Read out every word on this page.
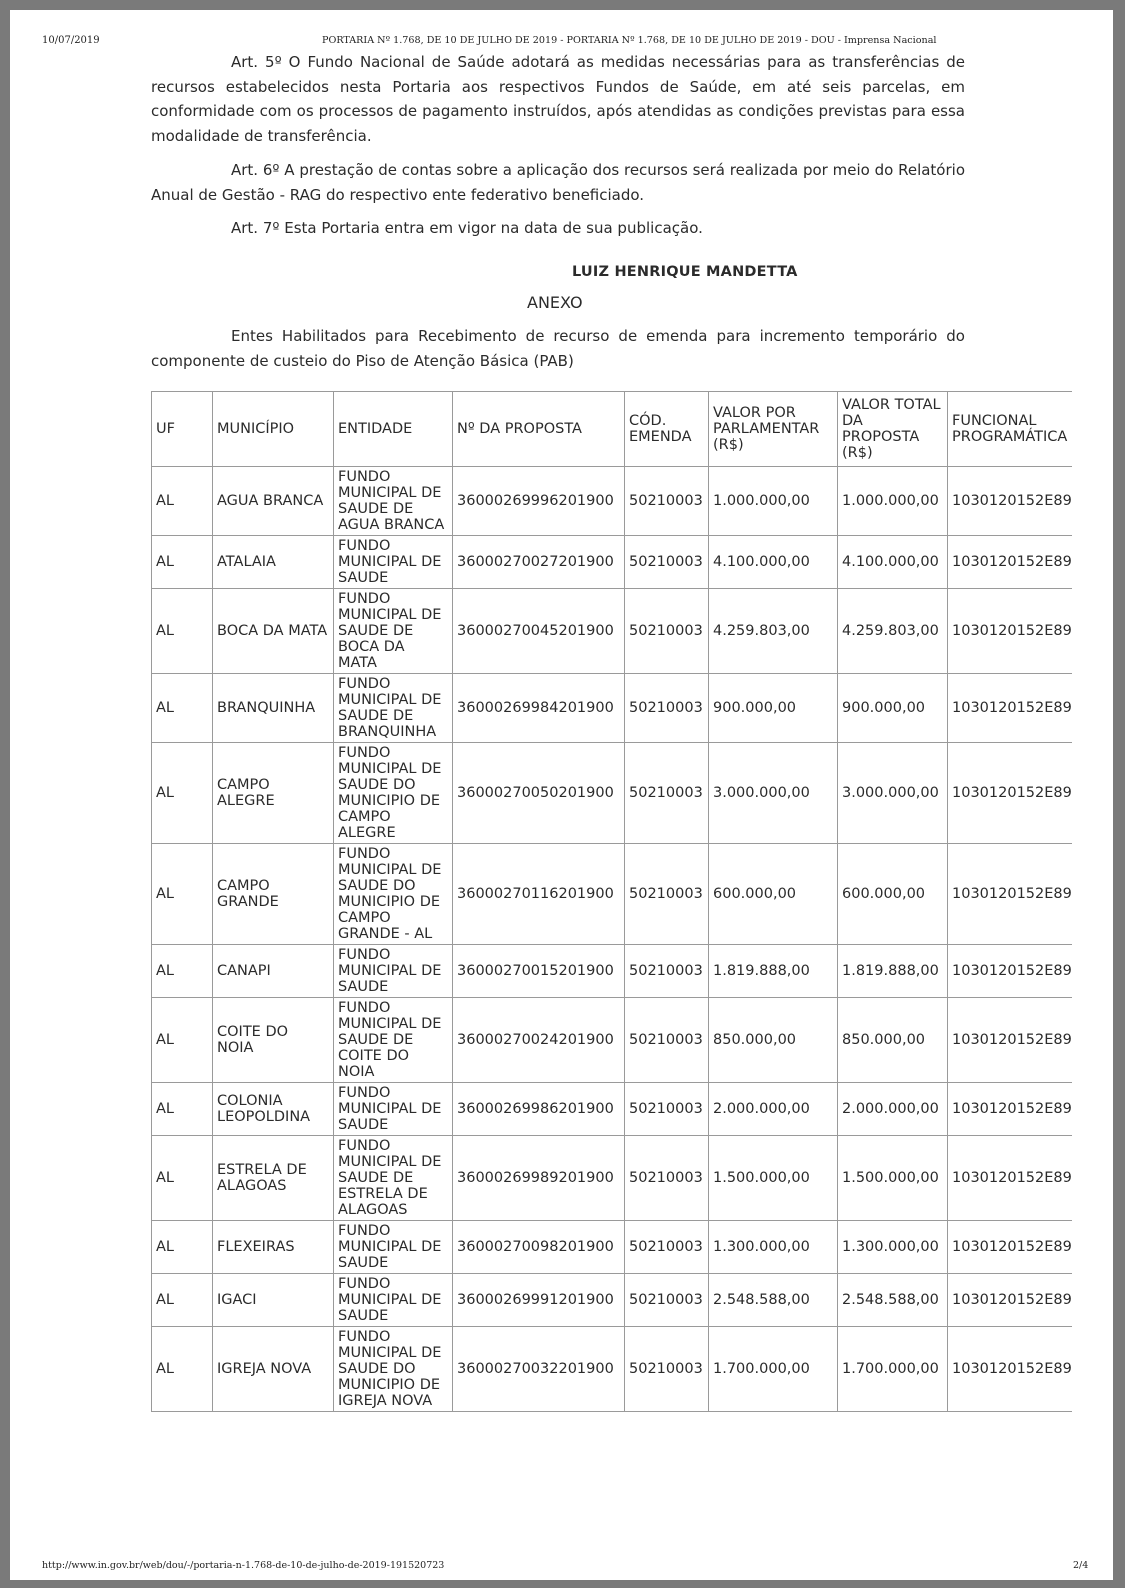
10/07/2019	PORTARIA Nº 1.768, DE 10 DE JULHO DE 2019 - PORTARIA Nº 1.768, DE 10 DE JULHO DE 2019 - DOU - Imprensa Nacional

Art. 5º O Fundo Nacional de Saúde adotará as medidas necessárias para as transferências de recursos estabelecidos nesta Portaria aos respectivos Fundos de Saúde, em até seis parcelas, em conformidade com os processos de pagamento instruídos, após atendidas as condições previstas para essa modalidade de transferência.

Art. 6º A prestação de contas sobre a aplicação dos recursos será realizada por meio do Relatório Anual de Gestão - RAG do respectivo ente federativo beneficiado.

Art. 7º Esta Portaria entra em vigor na data de sua publicação.

LUIZ HENRIQUE MANDETTA
ANEXO

Entes Habilitados para Recebimento de recurso de emenda para incremento temporário do componente de custeio do Piso de Atenção Básica (PAB)

UF	MUNICÍPIO	ENTIDADE	Nº DA PROPOSTA	CÓD. EMENDA	VALOR POR PARLAMENTAR (R$)	VALOR TOTAL DA PROPOSTA (R$)	FUNCIONAL PROGRAMÁTICA
AL	AGUA BRANCA	FUNDO MUNICIPAL DE SAUDE DE AGUA BRANCA	36000269996201900	50210003	1.000.000,00	1.000.000,00	1030120152E89
AL	ATALAIA	FUNDO MUNICIPAL DE SAUDE	36000270027201900	50210003	4.100.000,00	4.100.000,00	1030120152E89
AL	BOCA DA MATA	FUNDO MUNICIPAL DE SAUDE DE BOCA DA MATA	36000270045201900	50210003	4.259.803,00	4.259.803,00	1030120152E89
AL	BRANQUINHA	FUNDO MUNICIPAL DE SAUDE DE BRANQUINHA	36000269984201900	50210003	900.000,00	900.000,00	1030120152E89
AL	CAMPO ALEGRE	FUNDO MUNICIPAL DE SAUDE DO MUNICIPIO DE CAMPO ALEGRE	36000270050201900	50210003	3.000.000,00	3.000.000,00	1030120152E89
AL	CAMPO GRANDE	FUNDO MUNICIPAL DE SAUDE DO MUNICIPIO DE CAMPO GRANDE - AL	36000270116201900	50210003	600.000,00	600.000,00	1030120152E89
AL	CANAPI	FUNDO MUNICIPAL DE SAUDE	36000270015201900	50210003	1.819.888,00	1.819.888,00	1030120152E89
AL	COITE DO NOIA	FUNDO MUNICIPAL DE SAUDE DE COITE DO NOIA	36000270024201900	50210003	850.000,00	850.000,00	1030120152E89
AL	COLONIA LEOPOLDINA	FUNDO MUNICIPAL DE SAUDE	36000269986201900	50210003	2.000.000,00	2.000.000,00	1030120152E89
AL	ESTRELA DE ALAGOAS	FUNDO MUNICIPAL DE SAUDE DE ESTRELA DE ALAGOAS	36000269989201900	50210003	1.500.000,00	1.500.000,00	1030120152E89
AL	FLEXEIRAS	FUNDO MUNICIPAL DE SAUDE	36000270098201900	50210003	1.300.000,00	1.300.000,00	1030120152E89
AL	IGACI	FUNDO MUNICIPAL DE SAUDE	36000269991201900	50210003	2.548.588,00	2.548.588,00	1030120152E89
AL	IGREJA NOVA	FUNDO MUNICIPAL DE SAUDE DO MUNICIPIO DE IGREJA NOVA	36000270032201900	50210003	1.700.000,00	1.700.000,00	1030120152E89
http://www.in.gov.br/web/dou/-/portaria-n-1.768-de-10-de-julho-de-2019-191520723	2/4
